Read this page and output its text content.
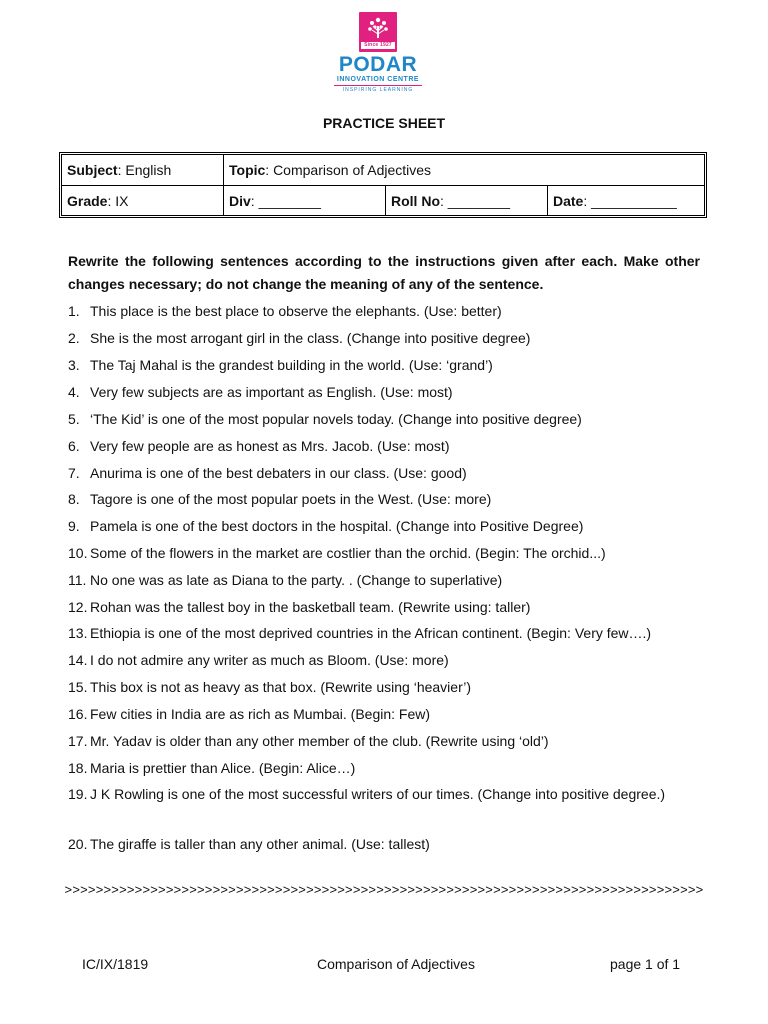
Since 1927
PODAR
INNOVATION CENTRE
INSPIRING LEARNING
PRACTICE SHEET
Subject: English	Topic: Comparison of Adjectives
Grade: IX	Div: ________	Roll No: ________	Date: ___________
Rewrite the following sentences according to the instructions given after each. Make other changes necessary; do not change the meaning of any of the sentence.
1. This place is the best place to observe the elephants. (Use: better)
2. She is the most arrogant girl in the class. (Change into positive degree)
3. The Taj Mahal is the grandest building in the world. (Use: ‘grand’)
4. Very few subjects are as important as English. (Use: most)
5. ‘The Kid’ is one of the most popular novels today. (Change into positive degree)
6. Very few people are as honest as Mrs. Jacob. (Use: most)
7. Anurima is one of the best debaters in our class. (Use: good)
8. Tagore is one of the most popular poets in the West. (Use: more)
9. Pamela is one of the best doctors in the hospital. (Change into Positive Degree)
10. Some of the flowers in the market are costlier than the orchid. (Begin: The orchid...)
11. No one was as late as Diana to the party. . (Change to superlative)
12. Rohan was the tallest boy in the basketball team. (Rewrite using: taller)
13. Ethiopia is one of the most deprived countries in the African continent. (Begin: Very few….)
14. I do not admire any writer as much as Bloom. (Use: more)
15. This box is not as heavy as that box. (Rewrite using ‘heavier’)
16. Few cities in India are as rich as Mumbai. (Begin: Few)
17. Mr. Yadav is older than any other member of the club. (Rewrite using ‘old’)
18. Maria is prettier than Alice. (Begin: Alice…)
19. J K Rowling is one of the most successful writers of our times. (Change into positive degree.)
20. The giraffe is taller than any other animal. (Use: tallest)
>>>>>>>>>>>>>>>>>>>>>>>>>>>>>>>>>>>>>>>>>>>>>>>>>>>>>>>>>>>>>>>>>>>>>>>>>>>>>>>>>>
IC/IX/1819	Comparison of Adjectives	page 1 of 1
